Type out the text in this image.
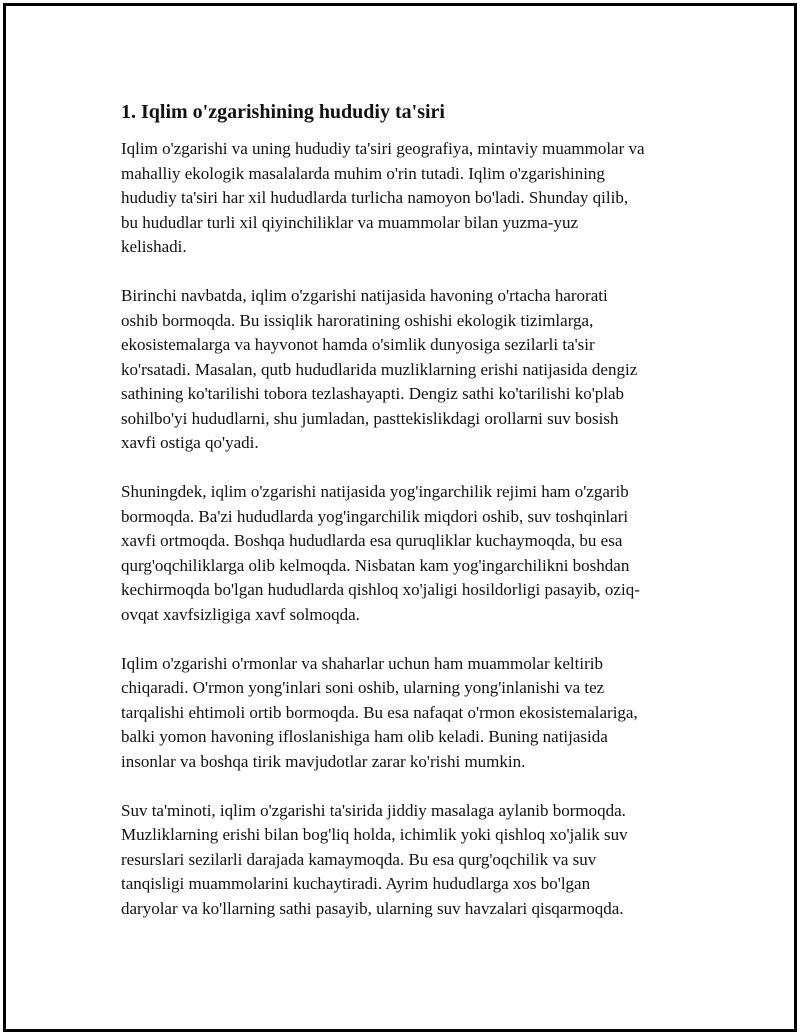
1. Iqlim o'zgarishining hududiy ta'siri

Iqlim o'zgarishi va uning hududiy ta'siri geografiya, mintaviy muammolar va
mahalliy ekologik masalalarda muhim o'rin tutadi. Iqlim o'zgarishining
hududiy ta'siri har xil hududlarda turlicha namoyon bo'ladi. Shunday qilib,
bu hududlar turli xil qiyinchiliklar va muammolar bilan yuzma-yuz
kelishadi.

Birinchi navbatda, iqlim o'zgarishi natijasida havoning o'rtacha harorati
oshib bormoqda. Bu issiqlik haroratining oshishi ekologik tizimlarga,
ekosistemalarga va hayvonot hamda o'simlik dunyosiga sezilarli ta'sir
ko'rsatadi. Masalan, qutb hududlarida muzliklarning erishi natijasida dengiz
sathining ko'tarilishi tobora tezlashayapti. Dengiz sathi ko'tarilishi ko'plab
sohilbo'yi hududlarni, shu jumladan, pasttekislikdagi orollarni suv bosish
xavfi ostiga qo'yadi.

Shuningdek, iqlim o'zgarishi natijasida yog'ingarchilik rejimi ham o'zgarib
bormoqda. Ba'zi hududlarda yog'ingarchilik miqdori oshib, suv toshqinlari
xavfi ortmoqda. Boshqa hududlarda esa quruqliklar kuchaymoqda, bu esa
qurg'oqchiliklarga olib kelmoqda. Nisbatan kam yog'ingarchilikni boshdan
kechirmoqda bo'lgan hududlarda qishloq xo'jaligi hosildorligi pasayib, oziq-
ovqat xavfsizligiga xavf solmoqda.

Iqlim o'zgarishi o'rmonlar va shaharlar uchun ham muammolar keltirib
chiqaradi. O'rmon yong'inlari soni oshib, ularning yong'inlanishi va tez
tarqalishi ehtimoli ortib bormoqda. Bu esa nafaqat o'rmon ekosistemalariga,
balki yomon havoning ifloslanishiga ham olib keladi. Buning natijasida
insonlar va boshqa tirik mavjudotlar zarar ko'rishi mumkin.

Suv ta'minoti, iqlim o'zgarishi ta'sirida jiddiy masalaga aylanib bormoqda.
Muzliklarning erishi bilan bog'liq holda, ichimlik yoki qishloq xo'jalik suv
resurslari sezilarli darajada kamaymoqda. Bu esa qurg'oqchilik va suv
tanqisligi muammolarini kuchaytiradi. Ayrim hududlarga xos bo'lgan
daryolar va ko'llarning sathi pasayib, ularning suv havzalari qisqarmoqda.
